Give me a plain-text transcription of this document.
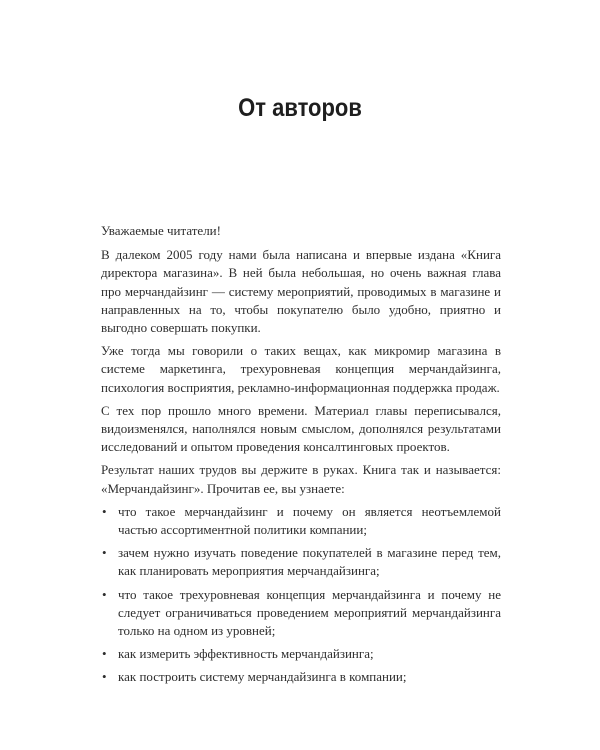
От авторов

Уважаемые читатели!

В далеком 2005 году нами была написана и впервые издана «Книга директора магазина». В ней была небольшая, но очень важная глава про мерчандайзинг — систему мероприятий, проводимых в магазине и направленных на то, чтобы покупателю было удобно, приятно и выгодно совершать покупки.

Уже тогда мы говорили о таких вещах, как микромир магазина в системе маркетинга, трехуровневая концепция мерчандайзинга, психология восприятия, рекламно-информационная поддержка продаж.

С тех пор прошло много времени. Материал главы переписывался, видоизменялся, наполнялся новым смыслом, дополнялся результатами исследований и опытом проведения консалтинговых проектов.

Результат наших трудов вы держите в руках. Книга так и называется: «Мерчандайзинг». Прочитав ее, вы узнаете:

• что такое мерчандайзинг и почему он является неотъемлемой частью ассортиментной политики компании;
• зачем нужно изучать поведение покупателей в магазине перед тем, как планировать мероприятия мерчандайзинга;
• что такое трехуровневая концепция мерчандайзинга и почему не следует ограничиваться проведением мероприятий мерчандайзинга только на одном из уровней;
• как измерить эффективность мерчандайзинга;
• как построить систему мерчандайзинга в компании;
